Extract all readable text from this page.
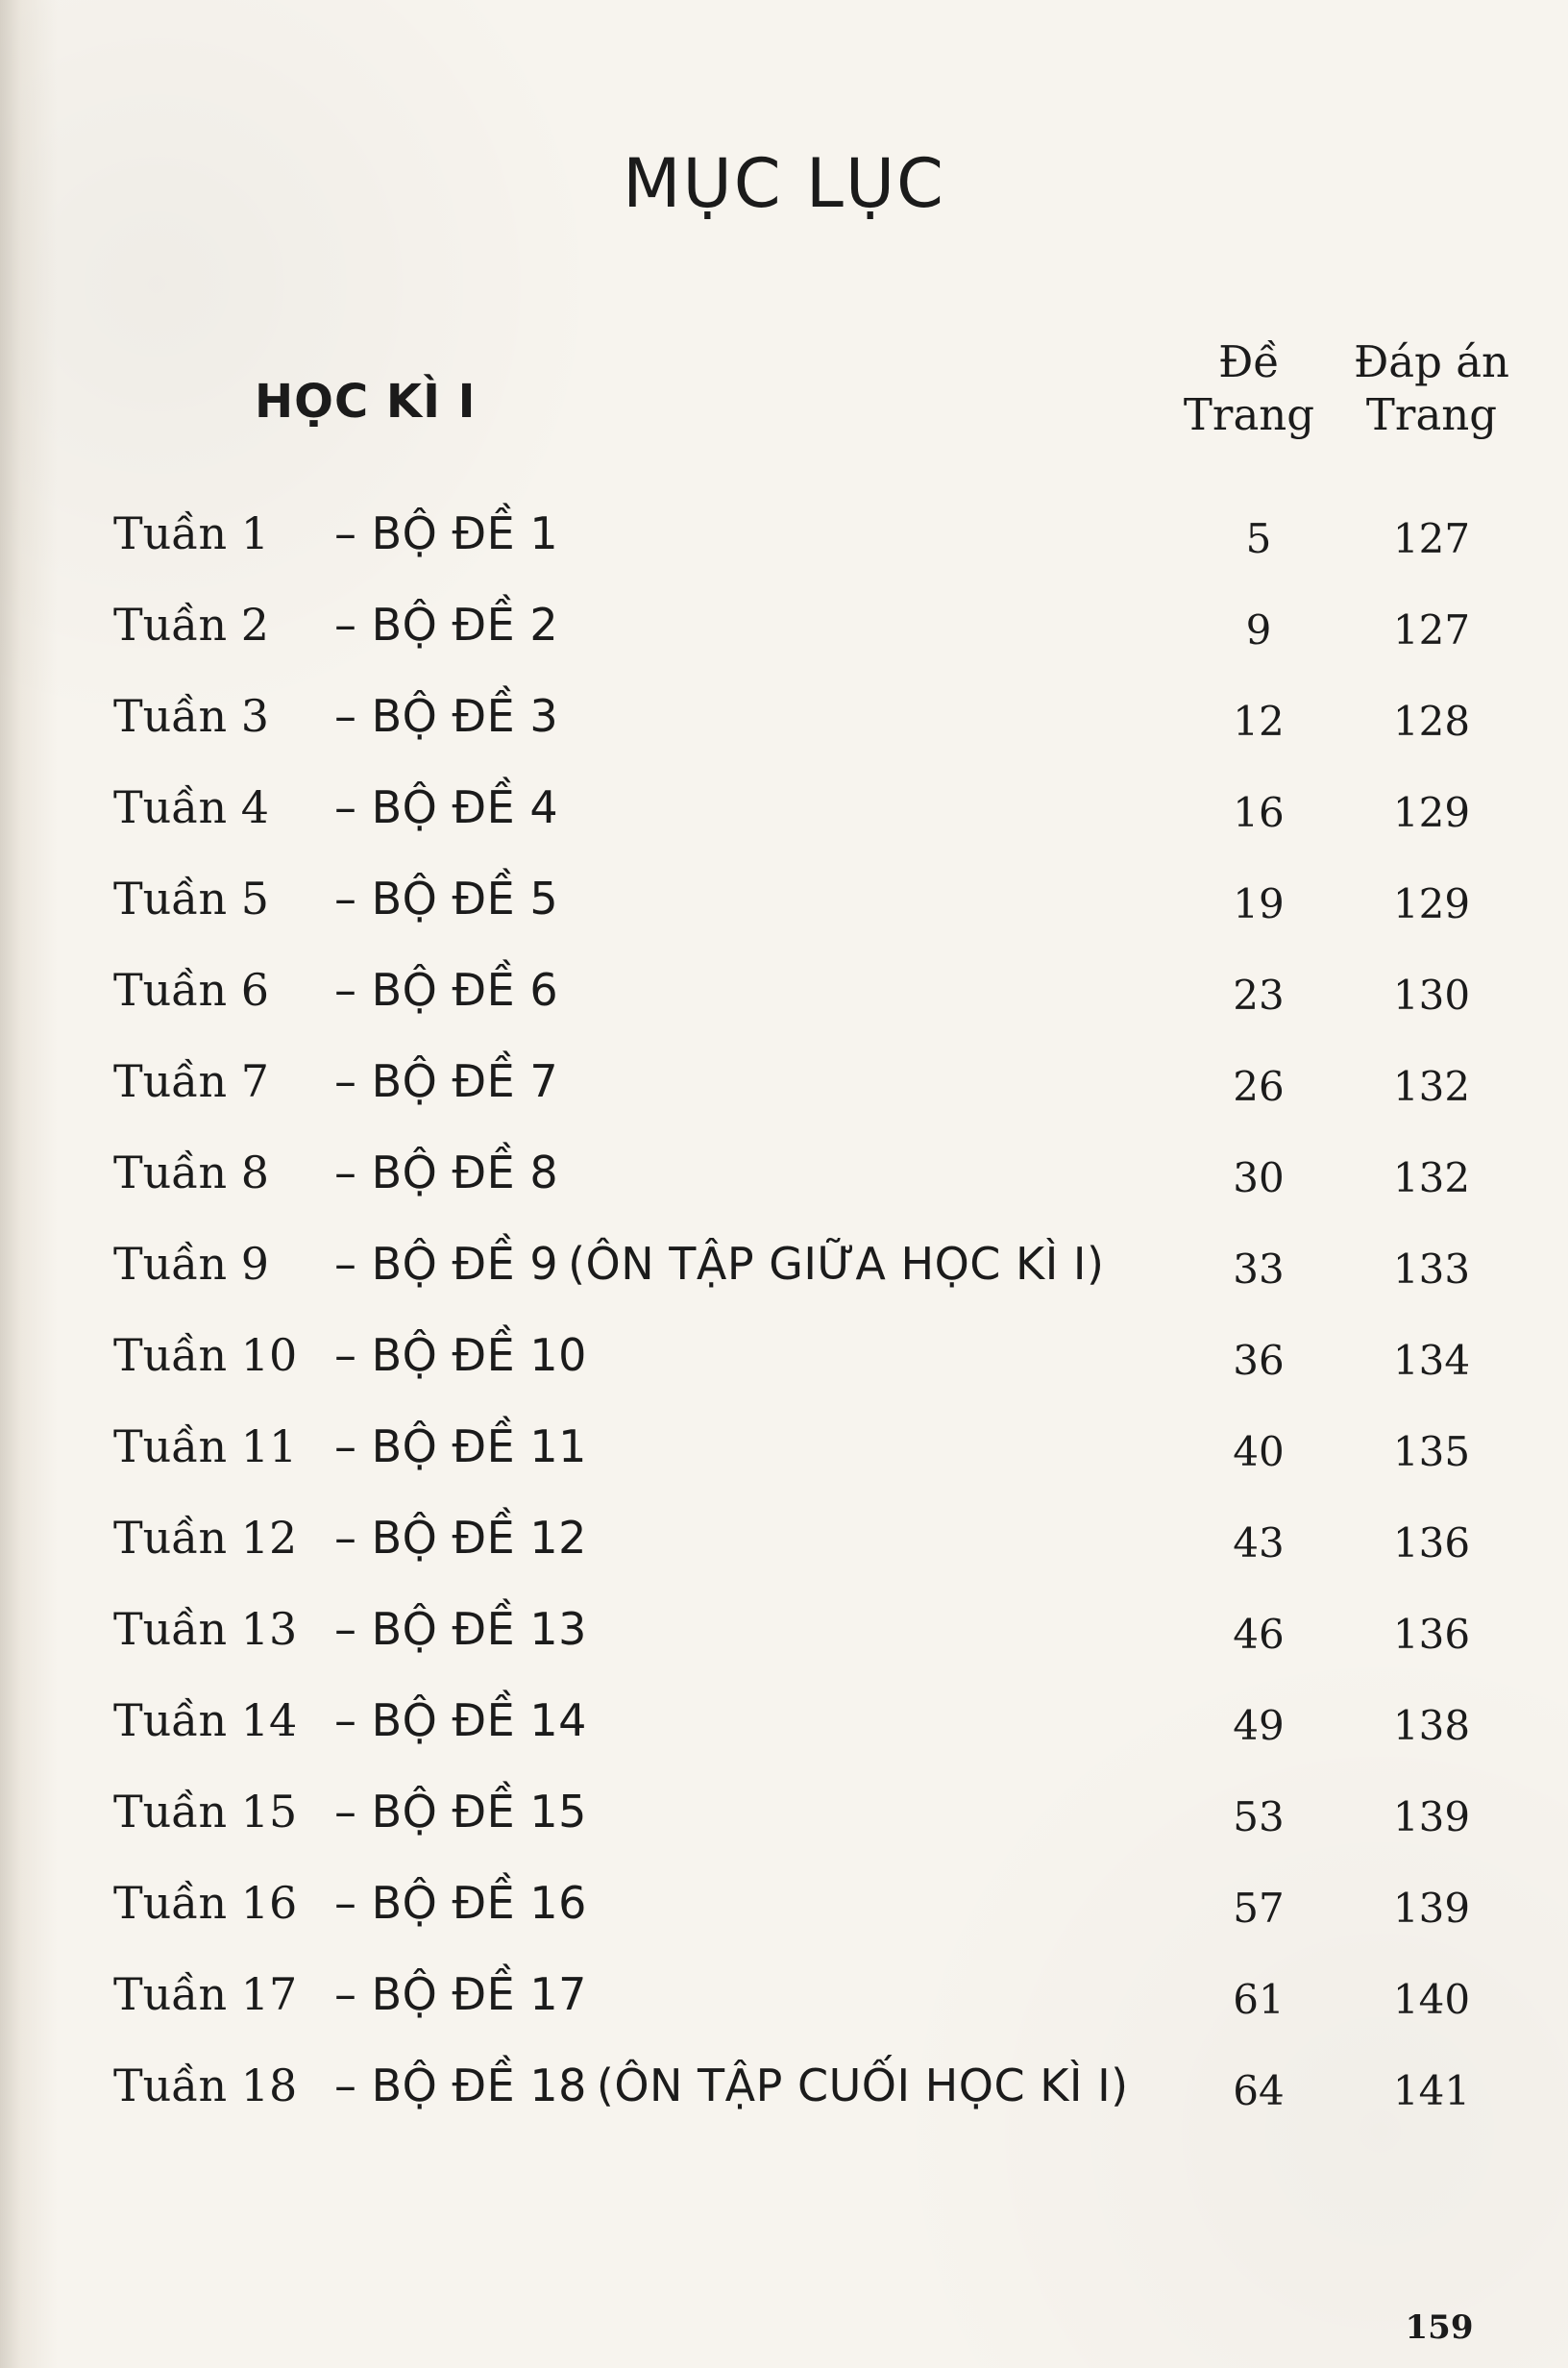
MỤC LỤC
HỌC KÌ I
Đề
Trang
Đáp án
Trang
Tuần 1	– BỘ ĐỀ 1	5	127
Tuần 2	– BỘ ĐỀ 2	9	127
Tuần 3	– BỘ ĐỀ 3	12	128
Tuần 4	– BỘ ĐỀ 4	16	129
Tuần 5	– BỘ ĐỀ 5	19	129
Tuần 6	– BỘ ĐỀ 6	23	130
Tuần 7	– BỘ ĐỀ 7	26	132
Tuần 8	– BỘ ĐỀ 8	30	132
Tuần 9	– BỘ ĐỀ 9 (ÔN TẬP GIỮA HỌC KÌ I)	33	133
Tuần 10 – BỘ ĐỀ 10	36	134
Tuần 11 – BỘ ĐỀ 11	40	135
Tuần 12 – BỘ ĐỀ 12	43	136
Tuần 13 – BỘ ĐỀ 13	46	136
Tuần 14 – BỘ ĐỀ 14	49	138
Tuần 15 – BỘ ĐỀ 15	53	139
Tuần 16 – BỘ ĐỀ 16	57	139
Tuần 17 – BỘ ĐỀ 17	61	140
Tuần 18 – BỘ ĐỀ 18 (ÔN TẬP CUỐI HỌC KÌ I)	64	141
159
